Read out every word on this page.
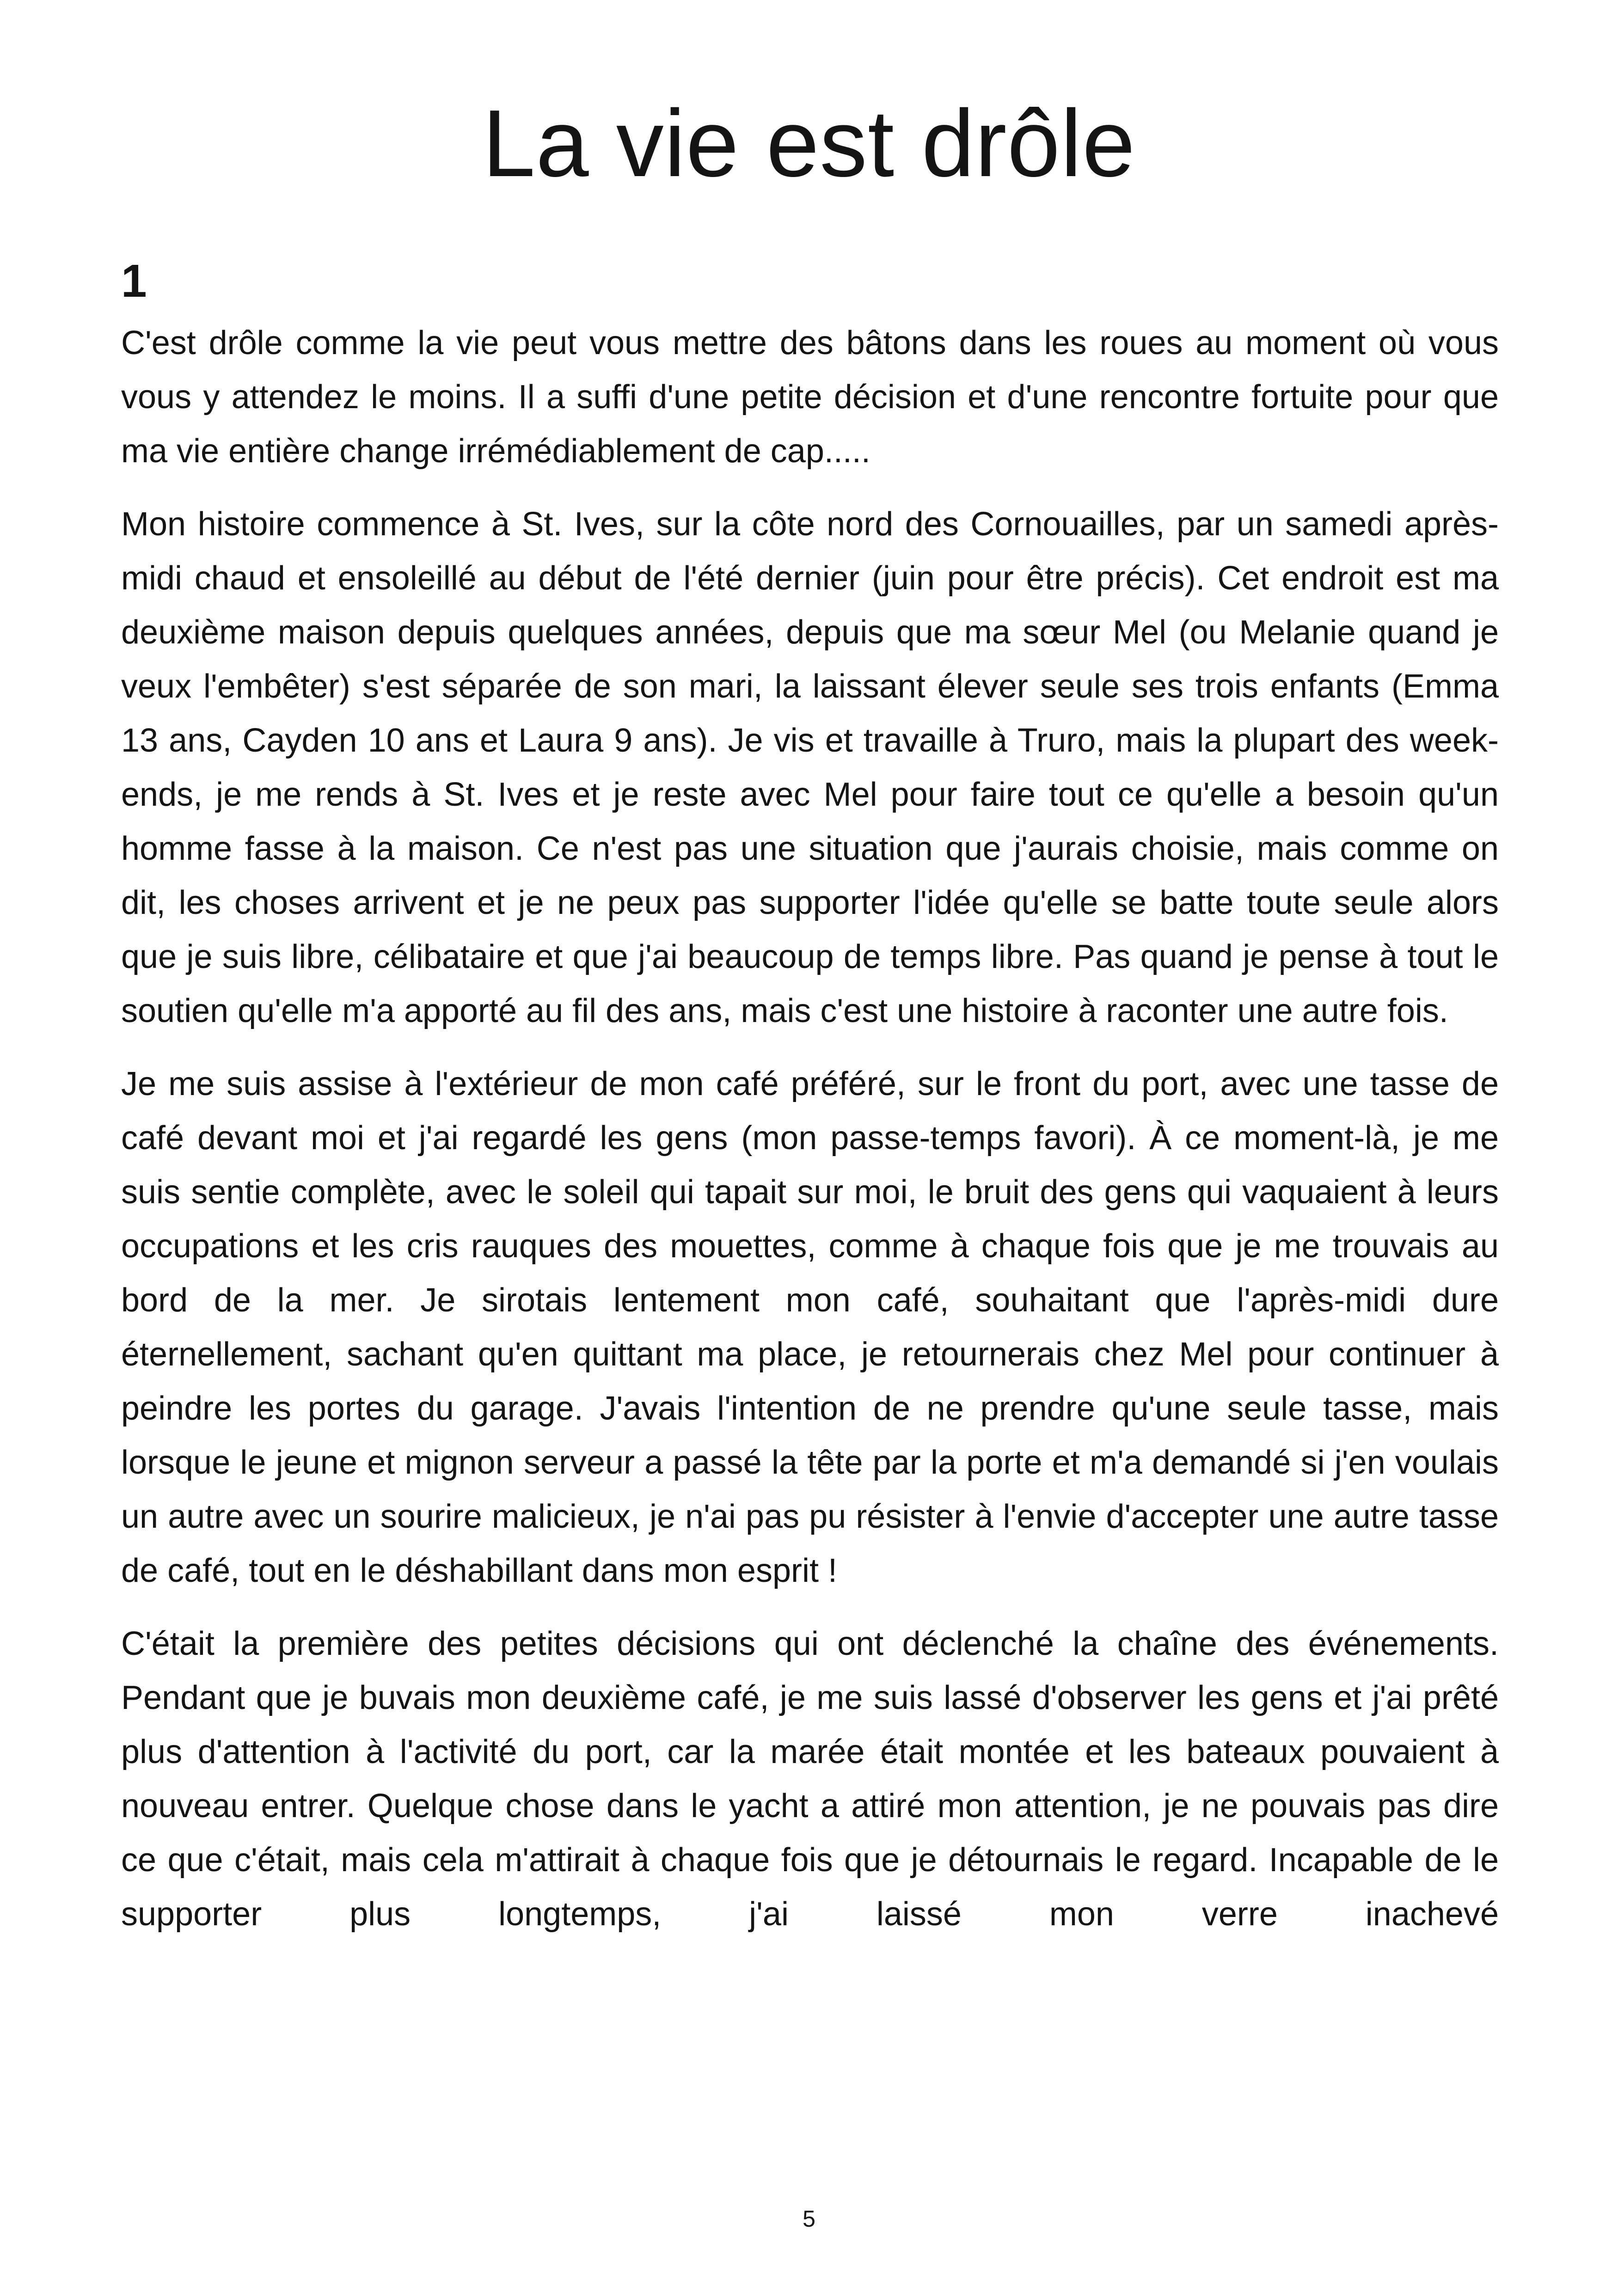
La vie est drôle
1

C'est drôle comme la vie peut vous mettre des bâtons dans les roues au moment où vous vous y attendez le moins. Il a suffi d'une petite décision et d'une rencontre fortuite pour que ma vie entière change irrémédiablement de cap.....

Mon histoire commence à St. Ives, sur la côte nord des Cornouailles, par un samedi après-midi chaud et ensoleillé au début de l'été dernier (juin pour être précis). Cet endroit est ma deuxième maison depuis quelques années, depuis que ma sœur Mel (ou Melanie quand je veux l'embêter) s'est séparée de son mari, la laissant élever seule ses trois enfants (Emma 13 ans, Cayden 10 ans et Laura 9 ans). Je vis et travaille à Truro, mais la plupart des week-ends, je me rends à St. Ives et je reste avec Mel pour faire tout ce qu'elle a besoin qu'un homme fasse à la maison. Ce n'est pas une situation que j'aurais choisie, mais comme on dit, les choses arrivent et je ne peux pas supporter l'idée qu'elle se batte toute seule alors que je suis libre, célibataire et que j'ai beaucoup de temps libre. Pas quand je pense à tout le soutien qu'elle m'a apporté au fil des ans, mais c'est une histoire à raconter une autre fois.

Je me suis assise à l'extérieur de mon café préféré, sur le front du port, avec une tasse de café devant moi et j'ai regardé les gens (mon passe-temps favori). À ce moment-là, je me suis sentie complète, avec le soleil qui tapait sur moi, le bruit des gens qui vaquaient à leurs occupations et les cris rauques des mouettes, comme à chaque fois que je me trouvais au bord de la mer. Je sirotais lentement mon café, souhaitant que l'après-midi dure éternellement, sachant qu'en quittant ma place, je retournerais chez Mel pour continuer à peindre les portes du garage. J'avais l'intention de ne prendre qu'une seule tasse, mais lorsque le jeune et mignon serveur a passé la tête par la porte et m'a demandé si j'en voulais un autre avec un sourire malicieux, je n'ai pas pu résister à l'envie d'accepter une autre tasse de café, tout en le déshabillant dans mon esprit !

C'était la première des petites décisions qui ont déclenché la chaîne des événements. Pendant que je buvais mon deuxième café, je me suis lassé d'observer les gens et j'ai prêté plus d'attention à l'activité du port, car la marée était montée et les bateaux pouvaient à nouveau entrer. Quelque chose dans le yacht a attiré mon attention, je ne pouvais pas dire ce que c'était, mais cela m'attirait à chaque fois que je détournais le regard. Incapable de le supporter plus longtemps, j'ai laissé mon verre inachevé

5
